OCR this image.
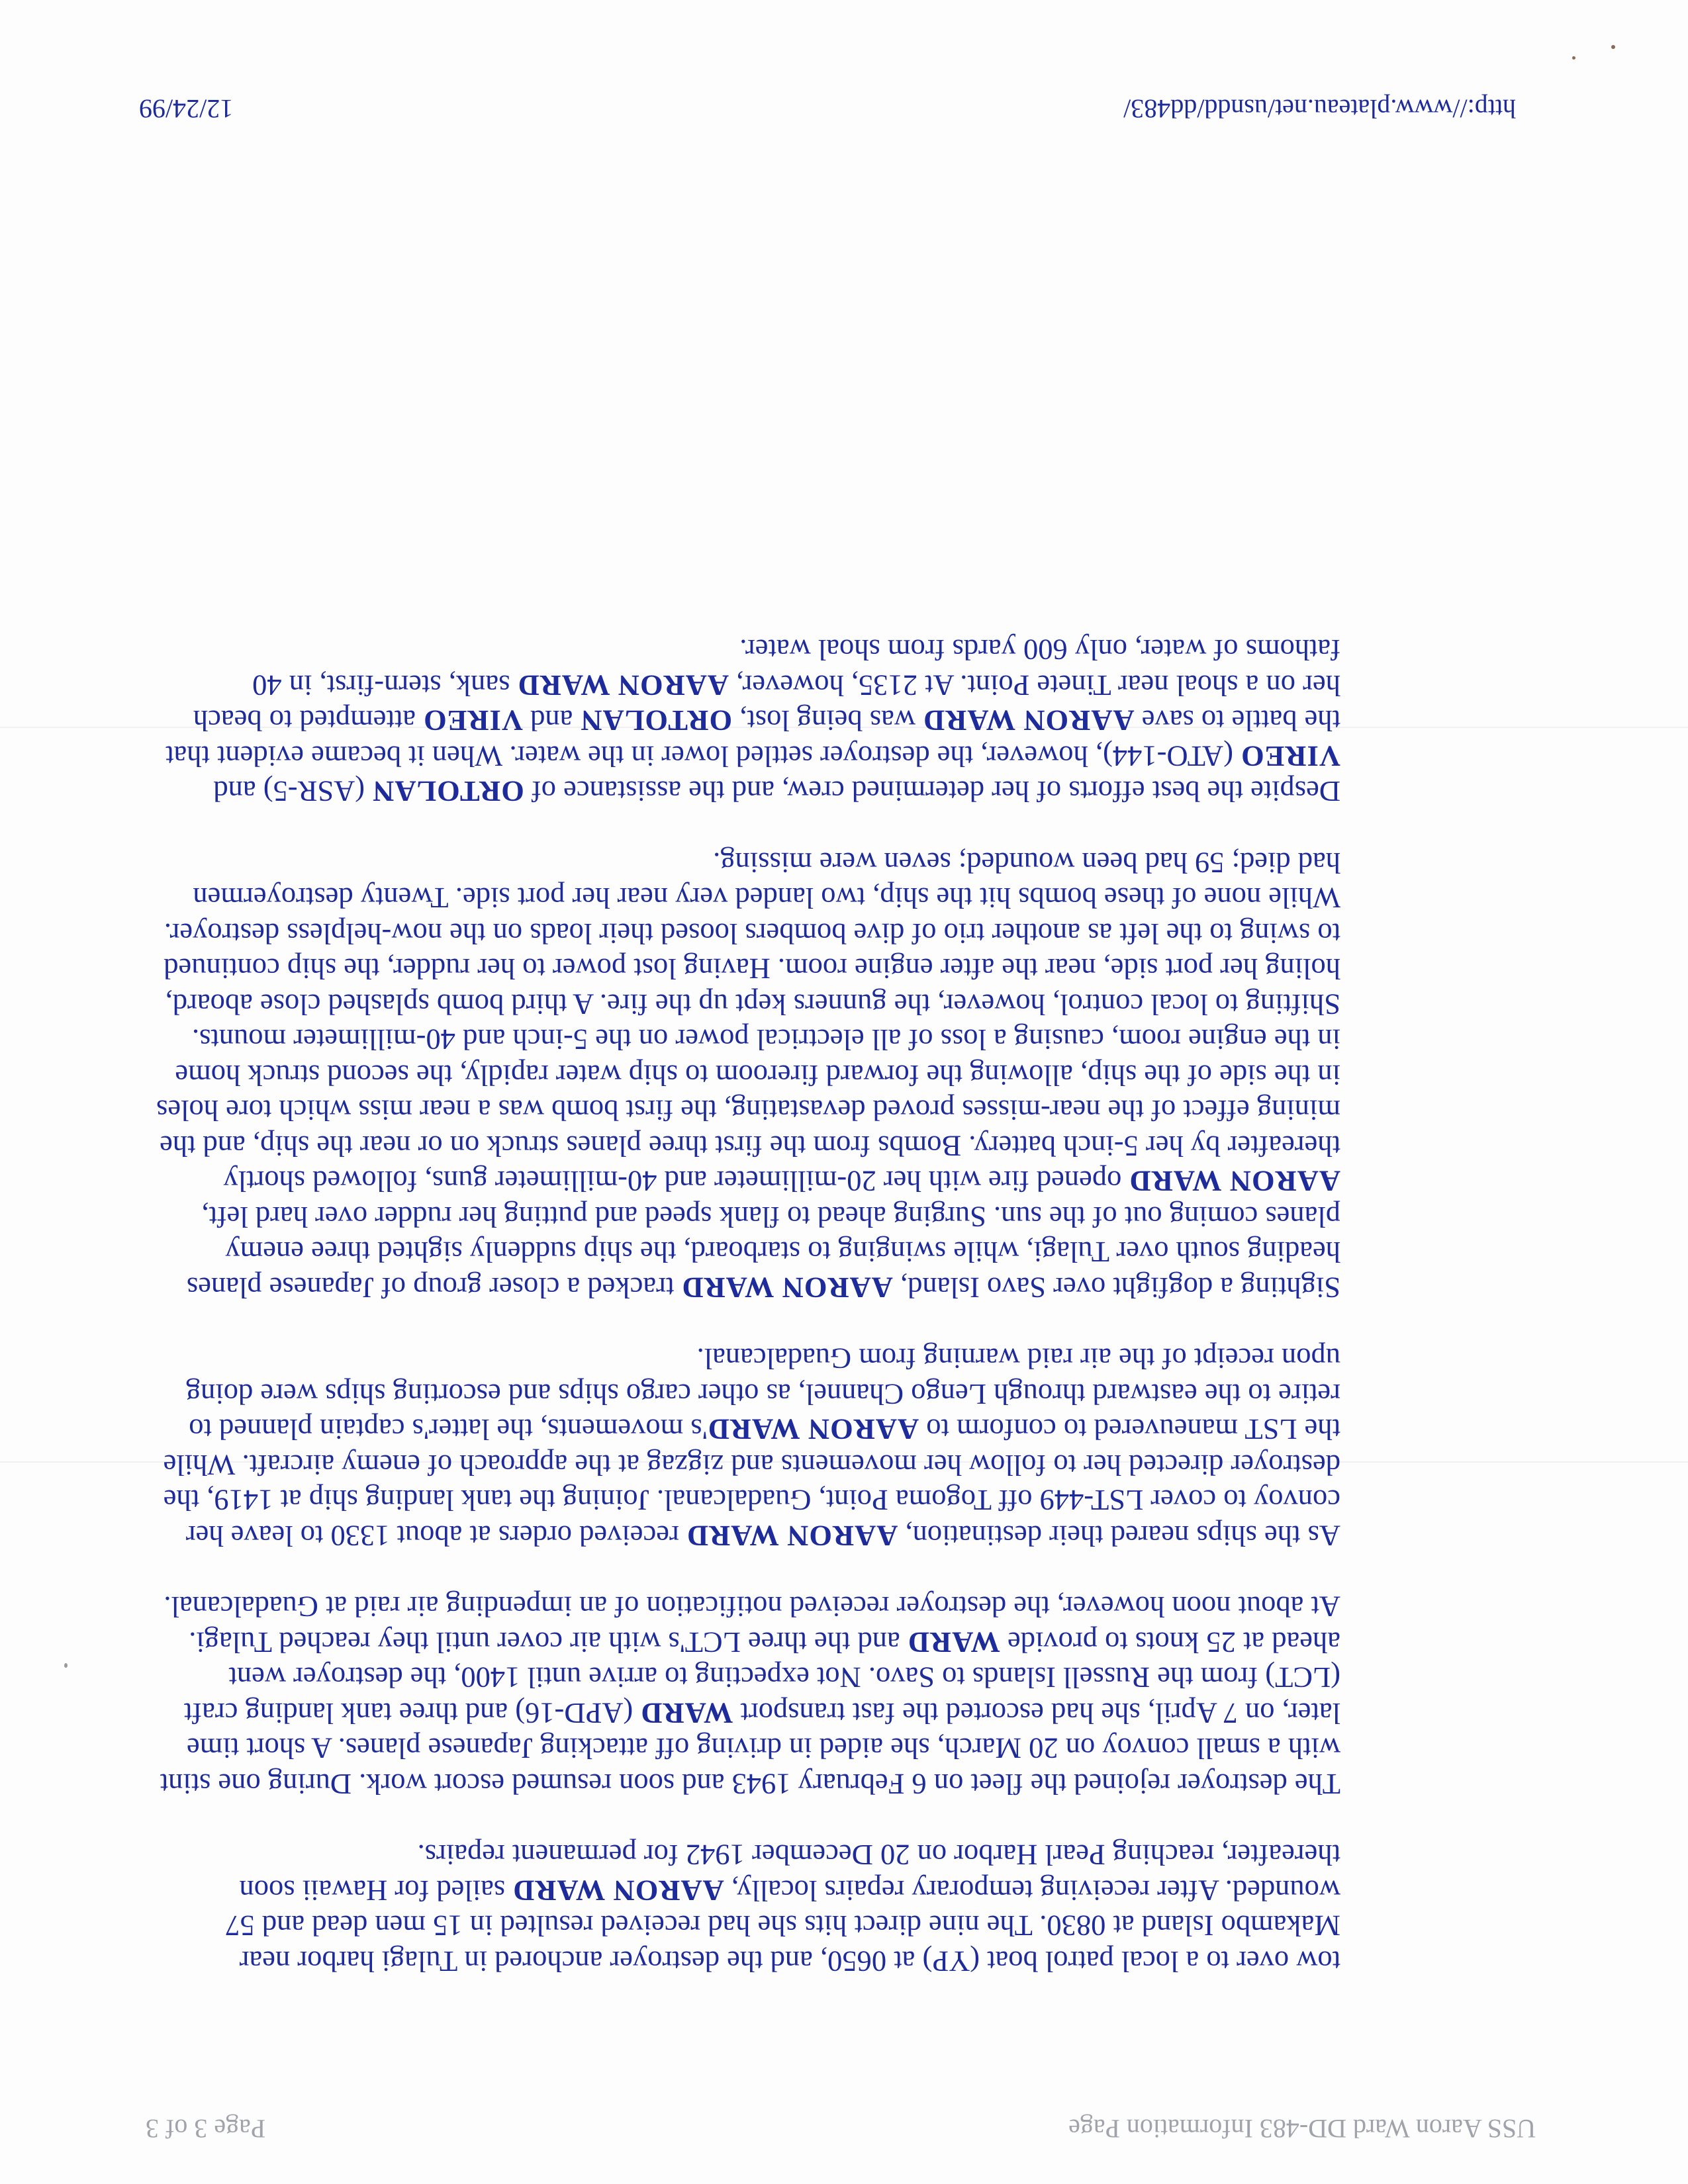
USS Aaron Ward DD-483 Information Page
Page 3 of 3

tow over to a local patrol boat (YP) at 0650, and the destroyer anchored in Tulagi harbor near Makambo Island at 0830. The nine direct hits she had received resulted in 15 men dead and 57 wounded. After receiving temporary repairs locally, AARON WARD sailed for Hawaii soon thereafter, reaching Pearl Harbor on 20 December 1942 for permanent repairs.

The destroyer rejoined the fleet on 6 February 1943 and soon resumed escort work. During one stint with a small convoy on 20 March, she aided in driving off attacking Japanese planes. A short time later, on 7 April, she had escorted the fast transport WARD (APD-16) and three tank landing craft (LCT) from the Russell Islands to Savo. Not expecting to arrive until 1400, the destroyer went ahead at 25 knots to provide WARD and the three LCT's with air cover until they reached Tulagi. At about noon however, the destroyer received notification of an impending air raid at Guadalcanal.

As the ships neared their destination, AARON WARD received orders at about 1330 to leave her convoy to cover LST-449 off Togoma Point, Guadalcanal. Joining the tank landing ship at 1419, the destroyer directed her to follow her movements and zigzag at the approach of enemy aircraft. While the LST maneuvered to conform to AARON WARD's movements, the latter's captain planned to retire to the eastward through Lengo Channel, as other cargo ships and escorting ships were doing upon receipt of the air raid warning from Guadalcanal.

Sighting a dogfight over Savo Island, AARON WARD tracked a closer group of Japanese planes heading south over Tulagi, while swinging to starboard, the ship suddenly sighted three enemy planes coming out of the sun. Surging ahead to flank speed and putting her rudder over hard left, AARON WARD opened fire with her 20-millimeter and 40-millimeter guns, followed shortly thereafter by her 5-inch battery. Bombs from the first three planes struck on or near the ship, and the mining effect of the near-misses proved devastating, the first bomb was a near miss which tore holes in the side of the ship, allowing the forward fireroom to ship water rapidly, the second struck home in the engine room, causing a loss of all electrical power on the 5-inch and 40-millimeter mounts. Shifting to local control, however, the gunners kept up the fire. A third bomb splashed close aboard, holing her port side, near the after engine room. Having lost power to her rudder, the ship continued to swing to the left as another trio of dive bombers loosed their loads on the now-helpless destroyer. While none of these bombs hit the ship, two landed very near her port side. Twenty destroyermen had died; 59 had been wounded; seven were missing.

Despite the best efforts of her determined crew, and the assistance of ORTOLAN (ASR-5) and VIREO (ATO-144), however, the destroyer settled lower in the water. When it became evident that the battle to save AARON WARD was being lost, ORTOLAN and VIREO attempted to beach her on a shoal near Tinete Point. At 2135, however, AARON WARD sank, stern-first, in 40 fathoms of water, only 600 yards from shoal water.

http://www.plateau.net/usndd/dd483/
12/24/99
